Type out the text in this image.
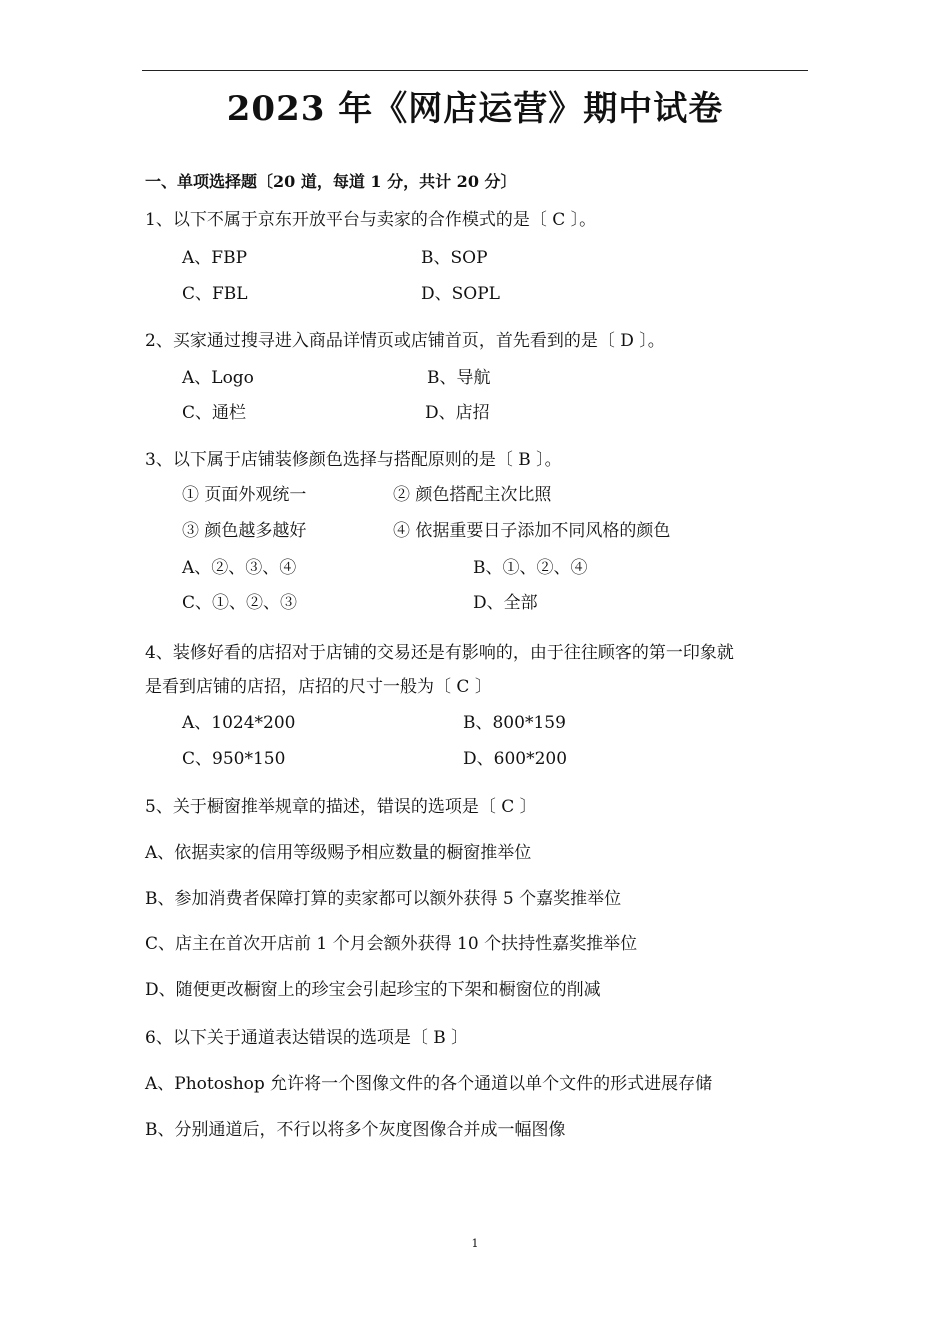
2023 年《网店运营》期中试卷
一、单项选择题〔20 道，每道 1 分，共计 20 分〕
1、以下不属于京东开放平台与卖家的合作模式的是〔 C 〕。
A、FBP	B、SOP
C、FBL	D、SOPL
2、买家通过搜寻进入商品详情页或店铺首页，首先看到的是〔 D 〕。
A、Logo	B、导航
C、通栏	D、店招
3、以下属于店铺装修颜色选择与搭配原则的是〔 B 〕。
① 页面外观统一	② 颜色搭配主次比照
③ 颜色越多越好	④ 依据重要日子添加不同风格的颜色
A、②、③、④	B、①、②、④
C、①、②、③	D、全部
4、装修好看的店招对于店铺的交易还是有影响的，由于往往顾客的第一印象就
是看到店铺的店招，店招的尺寸一般为〔 C 〕
A、1024*200	B、800*159
C、950*150	D、600*200
5、关于橱窗推举规章的描述，错误的选项是〔 C 〕
A、依据卖家的信用等级赐予相应数量的橱窗推举位
B、参加消费者保障打算的卖家都可以额外获得 5 个嘉奖推举位
C、店主在首次开店前 1 个月会额外获得 10 个扶持性嘉奖推举位
D、随便更改橱窗上的珍宝会引起珍宝的下架和橱窗位的削减
6、以下关于通道表达错误的选项是〔 B 〕
A、Photoshop 允许将一个图像文件的各个通道以单个文件的形式进展存储
B、分别通道后，不行以将多个灰度图像合并成一幅图像
1
